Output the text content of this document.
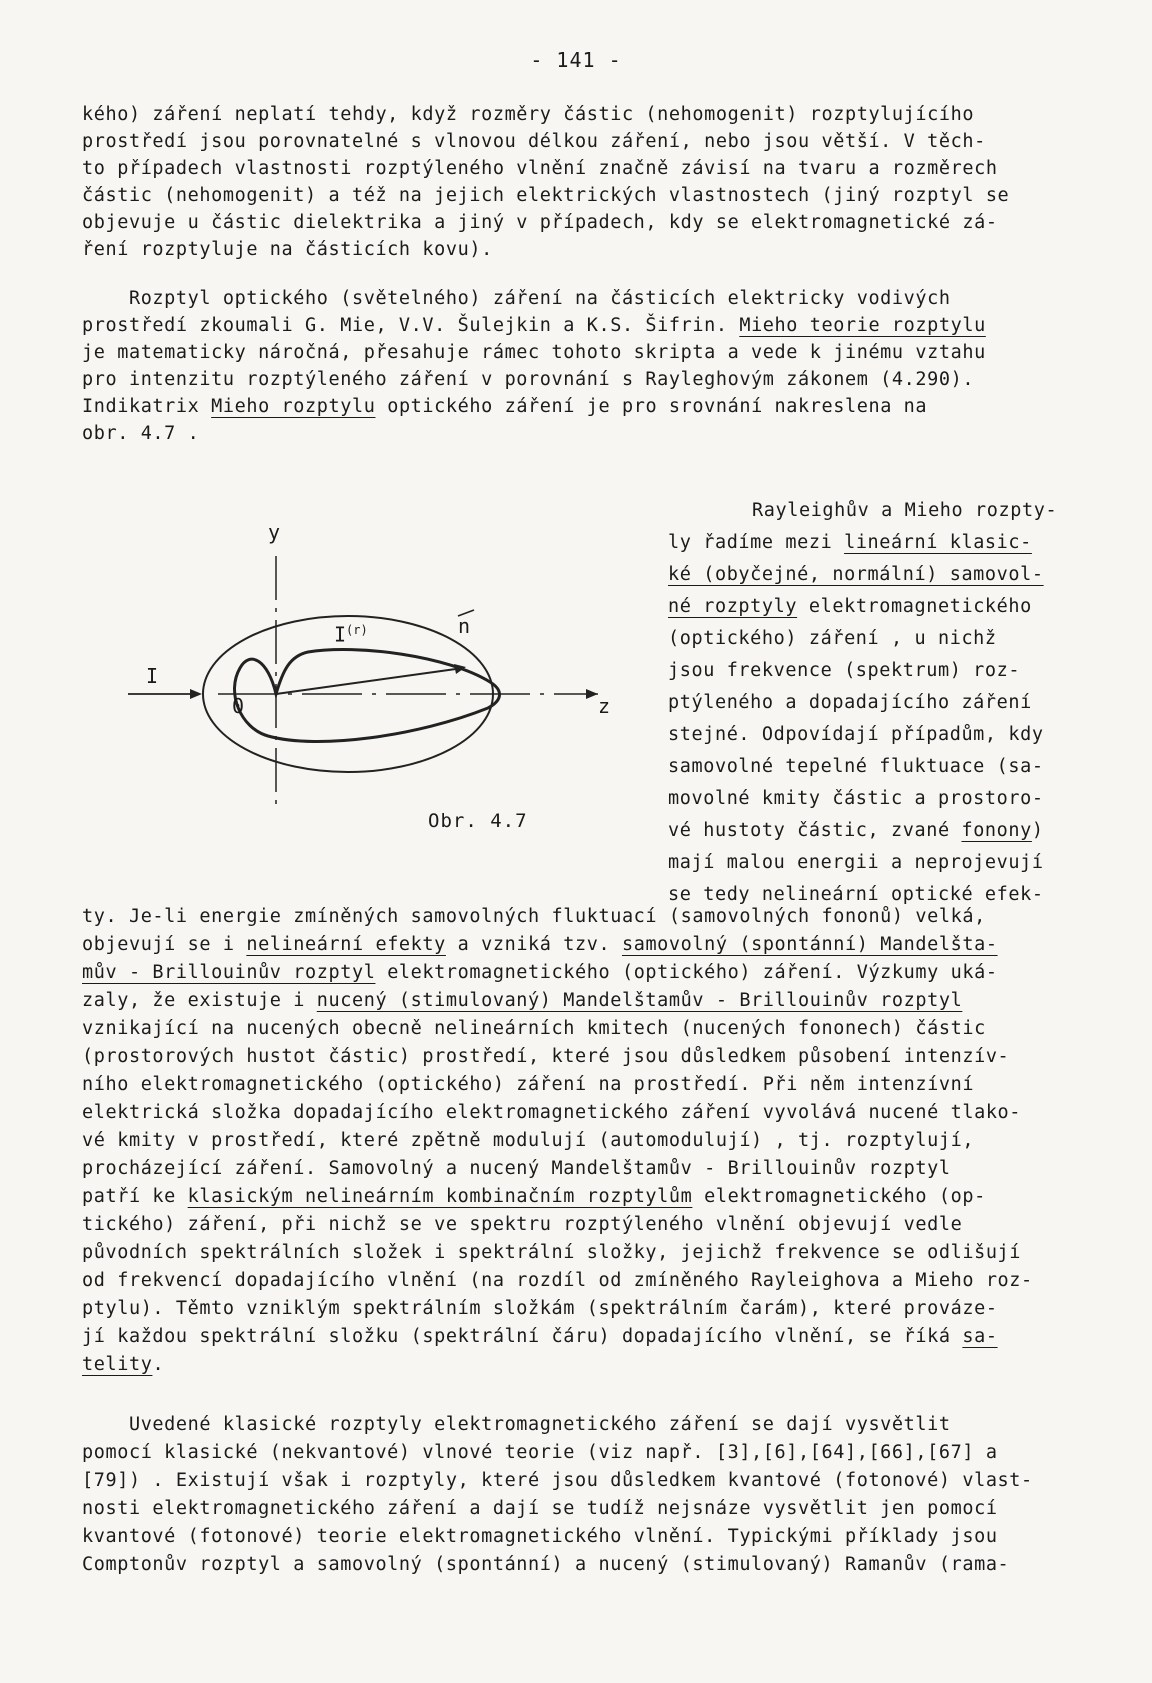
- 141 -
kého) záření neplatí tehdy, když rozměry částic (nehomogenit) rozptylujícího
prostředí jsou porovnatelné s vlnovou délkou záření, nebo jsou větší. V těch-
to případech vlastnosti rozptýleného vlnění značně závisí na tvaru a rozměrech
částic (nehomogenit) a též na jejich elektrických vlastnostech (jiný rozptyl se
objevuje u částic dielektrika a jiný v případech, kdy se elektromagnetické zá-
ření rozptyluje na částicích kovu).
Rozptyl optického (světelného) záření na částicích elektricky vodivých
prostředí zkoumali G. Mie, V.V. Šulejkin a K.S. Šifrin. Mieho teorie rozptylu
je matematicky náročná, přesahuje rámec tohoto skripta a vede k jinému vztahu
pro intenzitu rozptýleného záření v porovnání s Rayleghovým zákonem (4.290).
Indikatrix Mieho rozptylu optického záření je pro srovnání nakreslena na
obr. 4.7 .
y
I
0
$I^{(r)}$	n
z
Obr. 4.7
Rayleighův a Mieho rozpty-
ly řadíme mezi lineární klasic-
ké (obyčejné, normální) samovol-
né rozptyly elektromagnetického
(optického) záření , u nichž
jsou frekvence (spektrum) roz-
ptýleného a dopadajícího záření
stejné. Odpovídají případům, kdy
samovolné tepelné fluktuace (sa-
movolné kmity částic a prostoro-
vé hustoty částic, zvané fonony)
mají malou energii a neprojevují
se tedy nelineární optické efek-
ty. Je-li energie zmíněných samovolných fluktuací (samovolných fononů) velká,
objevují se i nelineární efekty a vzniká tzv. samovolný (spontánní) Mandelšta-
mův - Brillouinův rozptyl elektromagnetického (optického) záření. Výzkumy uká-
zaly, že existuje i nucený (stimulovaný) Mandelštamův - Brillouinův rozptyl
vznikající na nucených obecně nelineárních kmitech (nucených fononech) částic
(prostorových hustot částic) prostředí, které jsou důsledkem působení intenzív-
ního elektromagnetického (optického) záření na prostředí. Při něm intenzívní
elektrická složka dopadajícího elektromagnetického záření vyvolává nucené tlako-
vé kmity v prostředí, které zpětně modulují (automodulují) , tj. rozptylují,
procházející záření. Samovolný a nucený Mandelštamův - Brillouinův rozptyl
patří ke klasickým nelineárním kombinačním rozptylům elektromagnetického (op-
tického) záření, při nichž se ve spektru rozptýleného vlnění objevují vedle
původních spektrálních složek i spektrální složky, jejichž frekvence se odlišují
od frekvencí dopadajícího vlnění (na rozdíl od zmíněného Rayleighova a Mieho roz-
ptylu). Těmto vzniklým spektrálním složkám (spektrálním čarám), které prováze-
jí každou spektrální složku (spektrální čáru) dopadajícího vlnění, se říká sa-
telity.
Uvedené klasické rozptyly elektromagnetického záření se dají vysvětlit
pomocí klasické (nekvantové) vlnové teorie (viz např. [3],[6],[64],[66],[67] a
[79]) . Existují však i rozptyly, které jsou důsledkem kvantové (fotonové) vlast-
nosti elektromagnetického záření a dají se tudíž nejsnáze vysvětlit jen pomocí
kvantové (fotonové) teorie elektromagnetického vlnění. Typickými příklady jsou
Comptonův rozptyl a samovolný (spontánní) a nucený (stimulovaný) Ramanův (rama-
